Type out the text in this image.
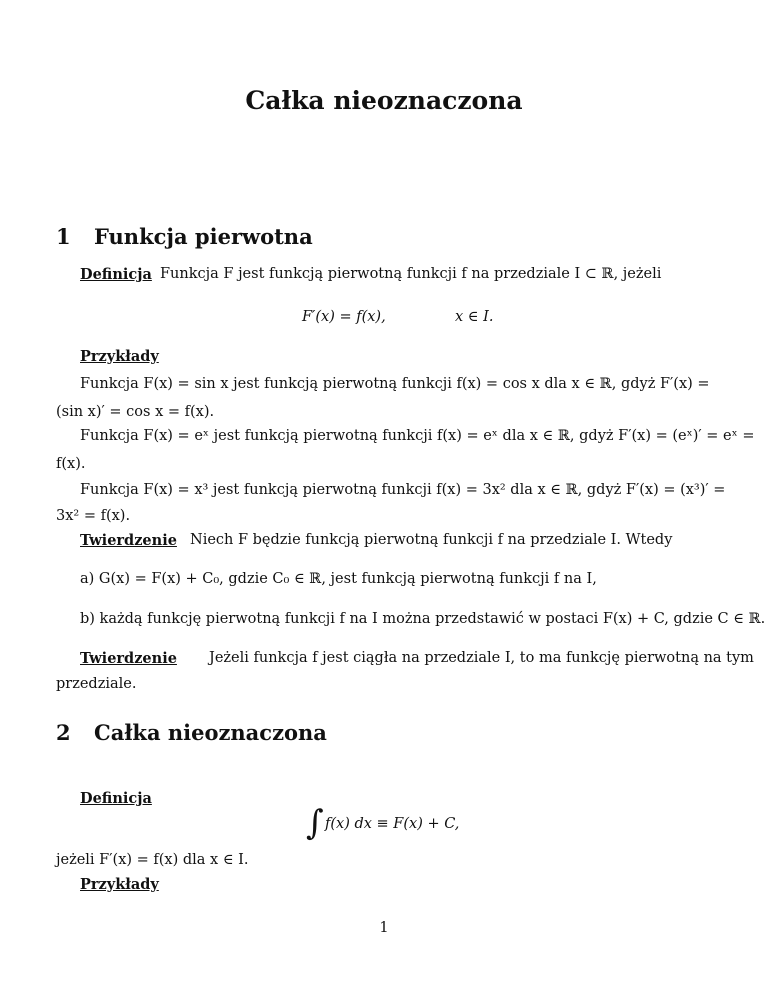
Całka nieoznaczona
1 Funkcja pierwotna
Definicja Funkcja F jest funkcją pierwotną funkcji f na przedziale I ⊂ ℝ, jeżeli
F′(x) = f(x),	x ∈ I.
Przykłady
Funkcja F(x) = sin x jest funkcją pierwotną funkcji f(x) = cos x dla x ∈ ℝ, gdyż F′(x) =
(sin x)′ = cos x = f(x).
Funkcja F(x) = eˣ jest funkcją pierwotną funkcji f(x) = eˣ dla x ∈ ℝ, gdyż F′(x) = (eˣ)′ = eˣ =
f(x).
Funkcja F(x) = x³ jest funkcją pierwotną funkcji f(x) = 3x² dla x ∈ ℝ, gdyż F′(x) = (x³)′ =
3x² = f(x).
Twierdzenie Niech F będzie funkcją pierwotną funkcji f na przedziale I. Wtedy
a) G(x) = F(x) + C₀, gdzie C₀ ∈ ℝ, jest funkcją pierwotną funkcji f na I,
b) każdą funkcję pierwotną funkcji f na I można przedstawić w postaci F(x) + C, gdzie C ∈ ℝ.
Twierdzenie Jeżeli funkcja f jest ciągła na przedziale I, to ma funkcję pierwotną na tym
przedziale.
2 Całka nieoznaczona
Definicja
∫ f(x) dx ≡ F(x) + C,
jeżeli F′(x) = f(x) dla x ∈ I.
Przykłady
1
